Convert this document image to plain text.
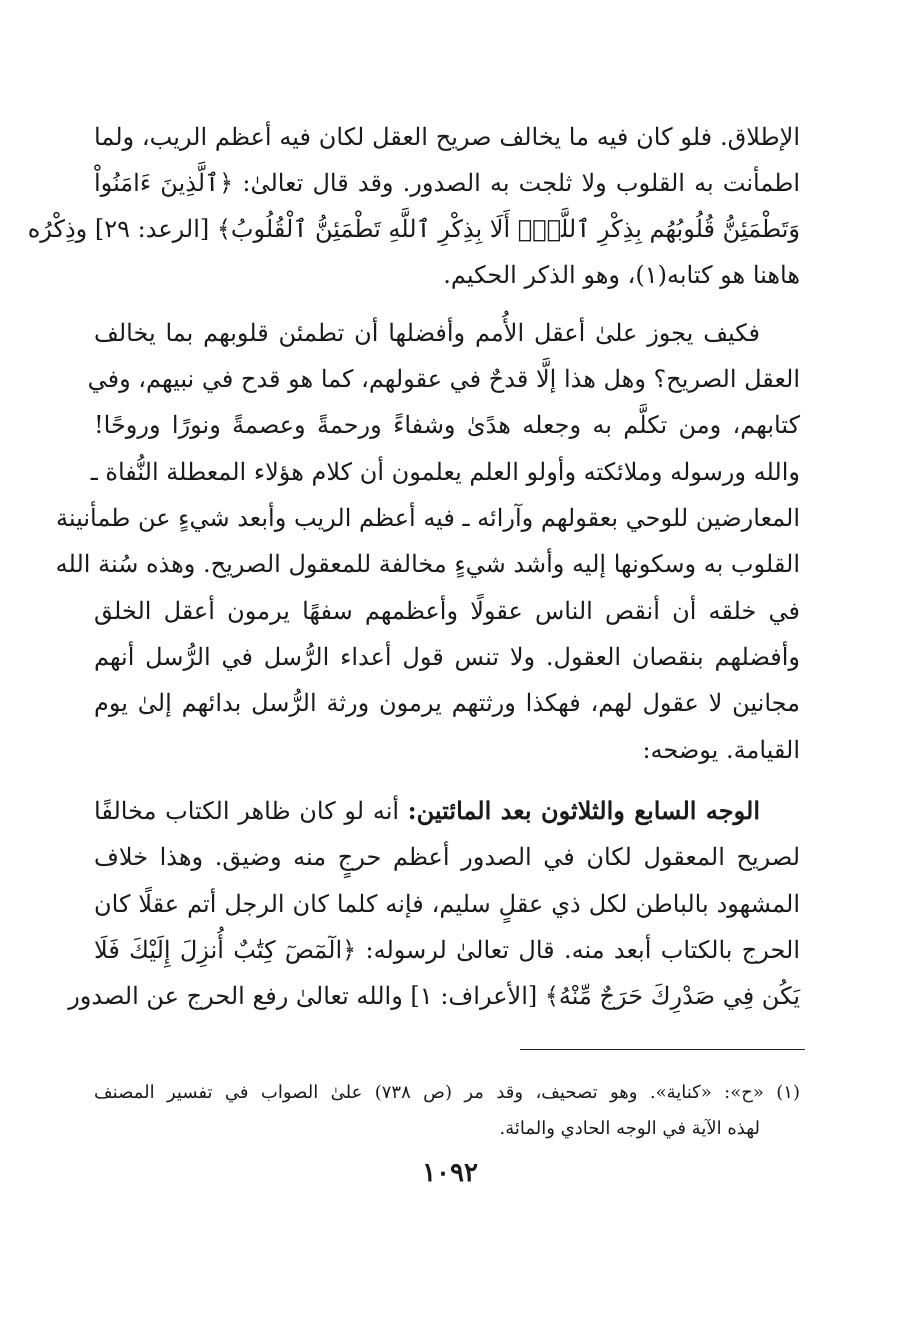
الإطلاق. فلو كان فيه ما يخالف صريح العقل لكان فيه أعظم الريب، ولما
اطمأنت به القلوب ولا ثلجت به الصدور. وقد قال تعالىٰ: ﴿ٱلَّذِينَ ءَامَنُواْ
وَتَطْمَئِنُّ قُلُوبُهُم بِذِكْرِ ٱللَّهِۗ أَلَا بِذِكْرِ ٱللَّهِ تَطْمَئِنُّ ٱلْقُلُوبُ﴾ [الرعد: ٢٩] وذِكْرُه
هاهنا هو كتابه(١)، وهو الذكر الحكيم.
فكيف يجوز علىٰ أعقل الأُمم وأفضلها أن تطمئن قلوبهم بما يخالف
العقل الصريح؟ وهل هذا إلَّا قدحٌ في عقولهم، كما هو قدح في نبيهم، وفي
كتابهم، ومن تكلَّم به وجعله هدًىٰ وشفاءً ورحمةً وعصمةً ونورًا وروحًا!
والله ورسوله وملائكته وأولو العلم يعلمون أن كلام هؤلاء المعطلة النُّفاة ـ
المعارضين للوحي بعقولهم وآرائه ـ فيه أعظم الريب وأبعد شيءٍ عن طمأنينة
القلوب به وسكونها إليه وأشد شيءٍ مخالفة للمعقول الصريح. وهذه سُنة الله
في خلقه أن أنقص الناس عقولًا وأعظمهم سفهًا يرمون أعقل الخلق
وأفضلهم بنقصان العقول. ولا تنس قول أعداء الرُّسل في الرُّسل أنهم
مجانين لا عقول لهم، فهكذا ورثتهم يرمون ورثة الرُّسل بدائهم إلىٰ يوم
القيامة. يوضحه:
الوجه السابع والثلاثون بعد المائتين: أنه لو كان ظاهر الكتاب مخالفًا
لصريح المعقول لكان في الصدور أعظم حرجٍ منه وضيق. وهذا خلاف
المشهود بالباطن لكل ذي عقلٍ سليم، فإنه كلما كان الرجل أتم عقلًا كان
الحرج بالكتاب أبعد منه. قال تعالىٰ لرسوله: ﴿الٓمٓصٓ كِتَٰبٌ أُنزِلَ إِلَيْكَ فَلَا
يَكُن فِي صَدْرِكَ حَرَجٌ مِّنْهُ﴾ [الأعراف: ١] والله تعالىٰ رفع الحرج عن الصدور
(١) «ح»: «كناية». وهو تصحيف، وقد مر (ص ٧٣٨) علىٰ الصواب في تفسير المصنف
لهذه الآية في الوجه الحادي والمائة.
١٠٩٢
